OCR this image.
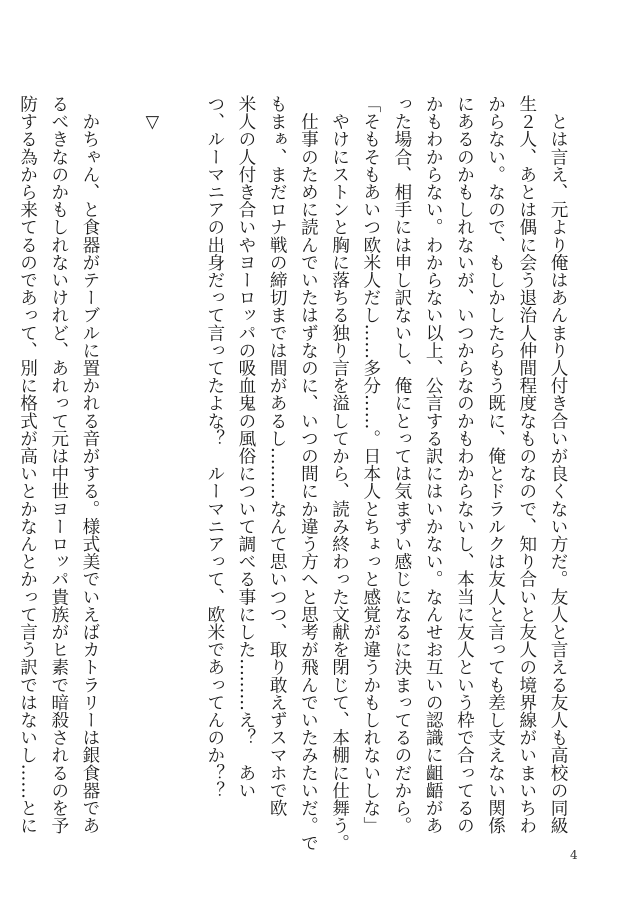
　とは言え、元より俺はあんまり人付き合いが良くない方だ。友人と言える友人も高校の同級
生２人、あとは偶に会う退治人仲間程度なものなので、知り合いと友人の境界線がいまいちわ
からない。なので、もしかしたらもう既に、俺とドラルクは友人と言っても差し支えない関係
にあるのかもしれないが、いつからなのかもわからないし、本当に友人という枠で合ってるの
かもわからない。わからない以上、公言する訳にはいかない。なんせお互いの認識に齟齬があ
った場合、相手には申し訳ないし、俺にとっては気まずい感じになるに決まってるのだから。
「そもそもあいつ欧米人だし……多分……。日本人とちょっと感覚が違うかもしれないしな」
　やけにストンと胸に落ちる独り言を溢してから、読み終わった文献を閉じて、本棚に仕舞う。
　仕事のために読んでいたはずなのに、いつの間にか違う方へと思考が飛んでいたみたいだ。で
もまぁ、まだロナ戦の締切までは間があるし………なんて思いつつ、取り敢えずスマホで欧
米人の人付き合いやヨーロッパの吸血鬼の風俗について調べる事にした………え？　あい
つ、ルーマニアの出身だって言ってたよな？　ルーマニアって、欧米であってんのか？？
　▽
　かちゃん、と食器がテーブルに置かれる音がする。様式美でいえばカトラリーは銀食器であ
るべきなのかもしれないけれど、あれって元は中世ヨーロッパ貴族がヒ素で暗殺されるのを予
防する為から来てるのであって、別に格式が高いとかなんとかって言う訳ではないし……とに
4
